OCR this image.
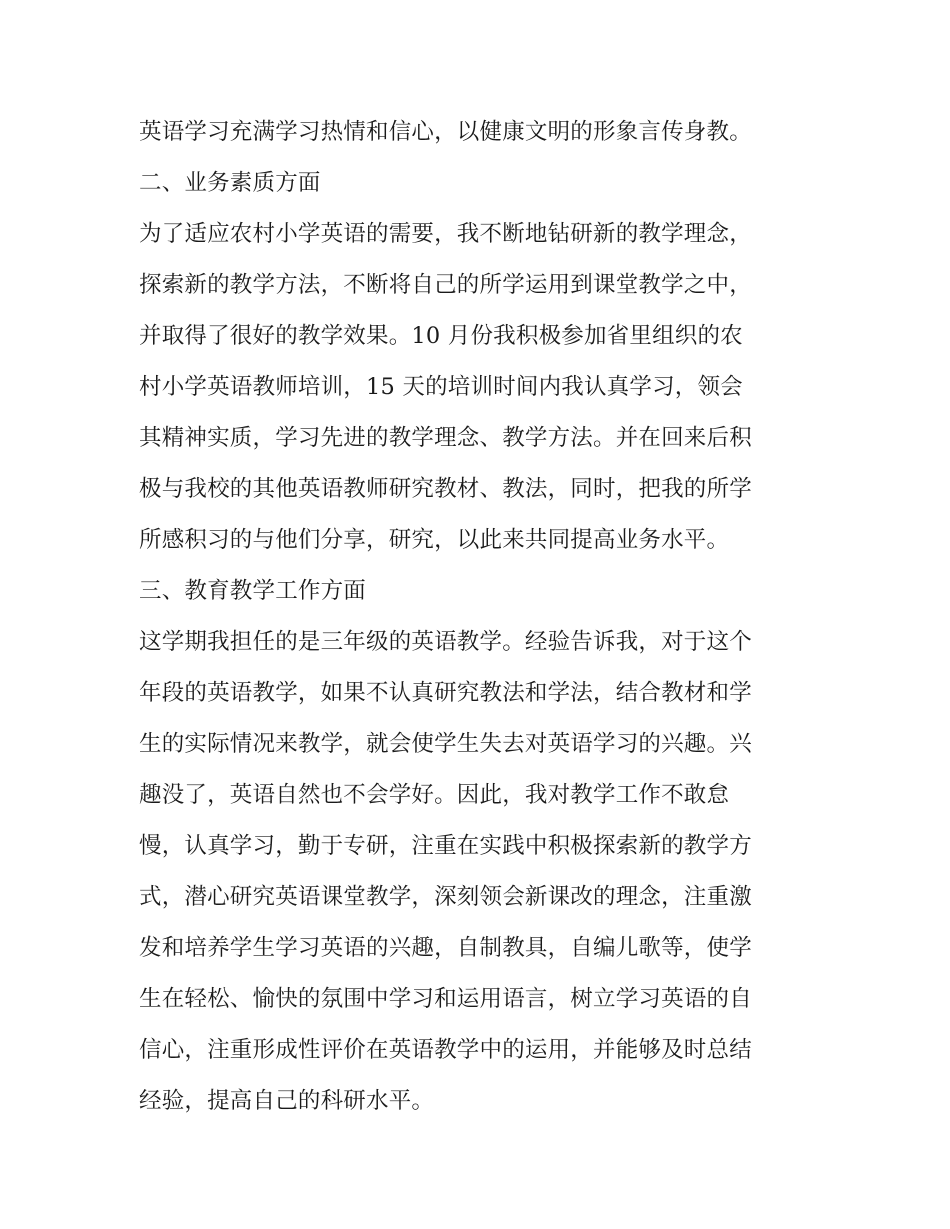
英语学习充满学习热情和信心，以健康文明的形象言传身教。
二、业务素质方面
为了适应农村小学英语的需要，我不断地钻研新的教学理念，
探索新的教学方法，不断将自己的所学运用到课堂教学之中，
并取得了很好的教学效果。10 月份我积极参加省里组织的农
村小学英语教师培训，15 天的培训时间内我认真学习，领会
其精神实质，学习先进的教学理念、教学方法。并在回来后积
极与我校的其他英语教师研究教材、教法，同时，把我的所学
所感积习的与他们分享，研究，以此来共同提高业务水平。
三、教育教学工作方面
这学期我担任的是三年级的英语教学。经验告诉我，对于这个
年段的英语教学，如果不认真研究教法和学法，结合教材和学
生的实际情况来教学，就会使学生失去对英语学习的兴趣。兴
趣没了，英语自然也不会学好。因此，我对教学工作不敢怠
慢，认真学习，勤于专研，注重在实践中积极探索新的教学方
式，潜心研究英语课堂教学，深刻领会新课改的理念，注重激
发和培养学生学习英语的兴趣，自制教具，自编儿歌等，使学
生在轻松、愉快的氛围中学习和运用语言，树立学习英语的自
信心，注重形成性评价在英语教学中的运用，并能够及时总结
经验，提高自己的科研水平。
